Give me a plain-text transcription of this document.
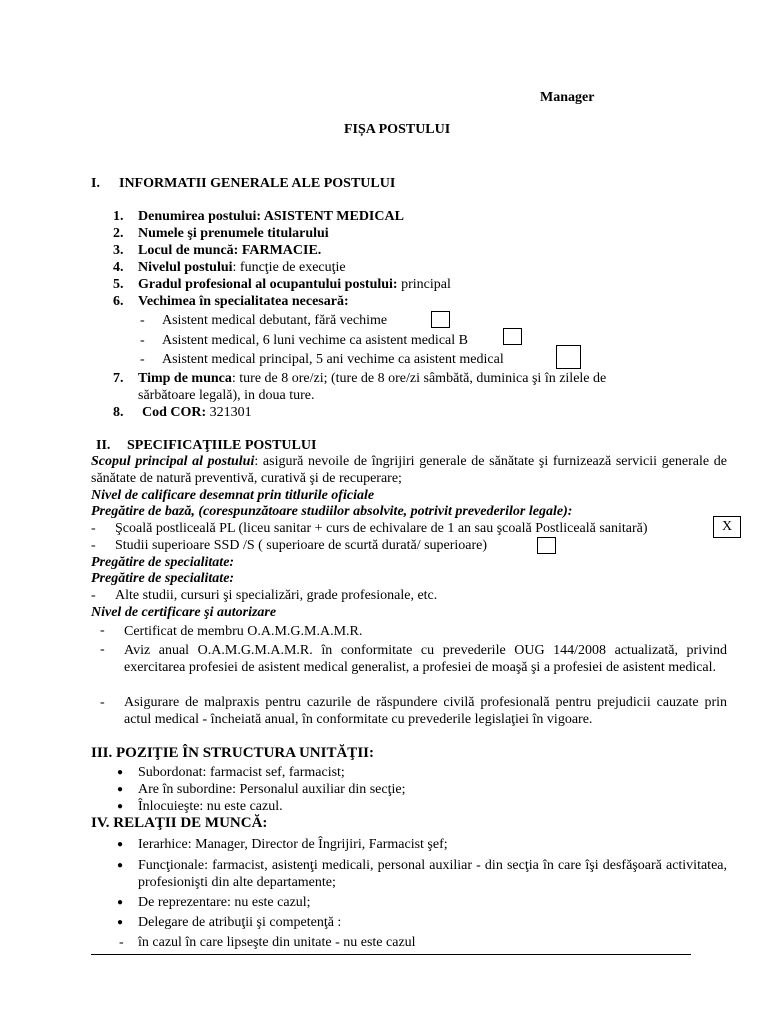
Manager
FIȘA POSTULUI
I. INFORMATII GENERALE ALE POSTULUI
1. Denumirea postului: ASISTENT MEDICAL
2. Numele şi prenumele titularului
3. Locul de muncă: FARMACIE.
4. Nivelul postului: funcţie de execuţie
5. Gradul profesional al ocupantului postului: principal
6. Vechimea în specialitatea necesară:
- Asistent medical debutant, fără vechime
- Asistent medical, 6 luni vechime ca asistent medical B
- Asistent medical principal, 5 ani vechime ca asistent medical
7. Timp de munca: ture de 8 ore/zi; (ture de 8 ore/zi sâmbătă, duminica şi în zilele de
sărbătoare legală), in doua ture.
8. Cod COR: 321301
II. SPECIFICAŢIILE POSTULUI
Scopul principal al postului: asigură nevoile de îngrijiri generale de sănătate şi furnizează servicii generale de sănătate de natură preventivă, curativă şi de recuperare;
Nivel de calificare desemnat prin titlurile oficiale
Pregătire de bază, (corespunzătoare studiilor absolvite, potrivit prevederilor legale):
- Şcoală postliceală PL (liceu sanitar + curs de echivalare de 1 an sau şcoală Postliceală sanitară)	X
- Studii superioare SSD /S ( superioare de scurtă durată/ superioare)
Pregătire de specialitate:
Pregătire de specialitate:
- Alte studii, cursuri şi specializări, grade profesionale, etc.
Nivel de certificare şi autorizare
- Certificat de membru O.A.M.G.M.A.M.R.
- Aviz anual O.A.M.G.M.A.M.R. în conformitate cu prevederile OUG 144/2008 actualizată, privind exercitarea profesiei de asistent medical generalist, a profesiei de moaşă şi a profesiei de asistent medical.
- Asigurare de malpraxis pentru cazurile de răspundere civilă profesională pentru prejudicii cauzate prin actul medical - încheiată anual, în conformitate cu prevederile legislaţiei în vigoare.
III. POZIŢIE ÎN STRUCTURA UNITĂŢII:
● Subordonat: farmacist sef, farmacist;
● Are în subordine: Personalul auxiliar din secţie;
● Înlocuieşte: nu este cazul.
IV. RELAŢII DE MUNCĂ:
● Ierarhice: Manager, Director de Îngrijiri, Farmacist şef;
● Funcţionale: farmacist, asistenţi medicali, personal auxiliar - din secţia în care îşi desfăşoară activitatea, profesionişti din alte departamente;
● De reprezentare: nu este cazul;
● Delegare de atribuţii şi competenţă :
- în cazul în care lipseşte din unitate - nu este cazul
